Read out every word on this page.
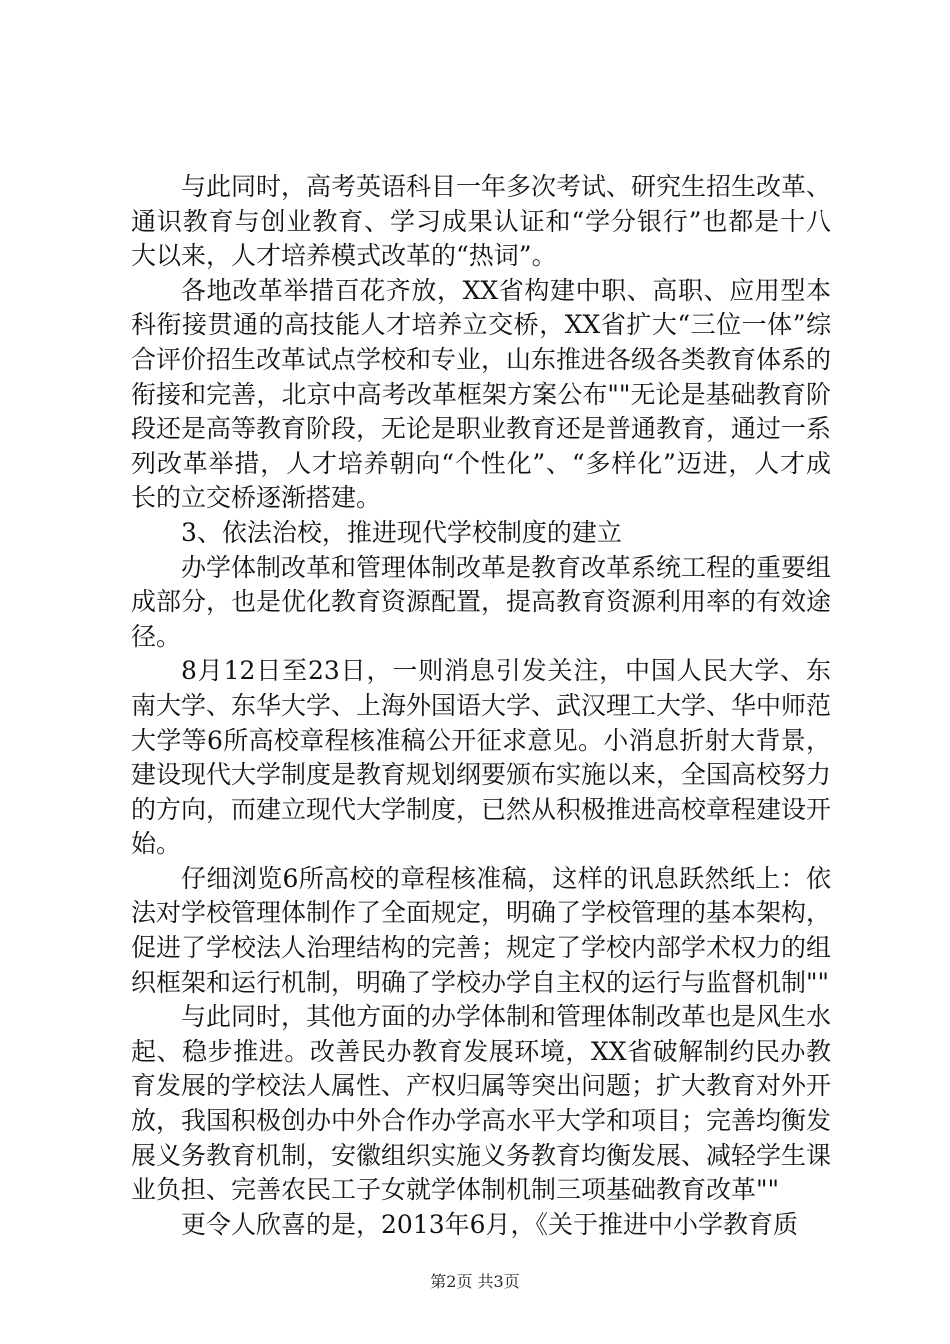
与此同时，高考英语科目一年多次考试、研究生招生改革、通识教育与创业教育、学习成果认证和“学分银行”也都是十八大以来，人才培养模式改革的“热词”。

各地改革举措百花齐放，XX省构建中职、高职、应用型本科衔接贯通的高技能人才培养立交桥，XX省扩大“三位一体”综合评价招生改革试点学校和专业，山东推进各级各类教育体系的衔接和完善，北京中高考改革框架方案公布""无论是基础教育阶段还是高等教育阶段，无论是职业教育还是普通教育，通过一系列改革举措，人才培养朝向“个性化”、“多样化”迈进，人才成长的立交桥逐渐搭建。

3、依法治校，推进现代学校制度的建立

办学体制改革和管理体制改革是教育改革系统工程的重要组成部分，也是优化教育资源配置，提高教育资源利用率的有效途径。

8月12日至23日，一则消息引发关注，中国人民大学、东南大学、东华大学、上海外国语大学、武汉理工大学、华中师范大学等6所高校章程核准稿公开征求意见。小消息折射大背景，建设现代大学制度是教育规划纲要颁布实施以来，全国高校努力的方向，而建立现代大学制度，已然从积极推进高校章程建设开始。

仔细浏览6所高校的章程核准稿，这样的讯息跃然纸上：依法对学校管理体制作了全面规定，明确了学校管理的基本架构，促进了学校法人治理结构的完善；规定了学校内部学术权力的组织框架和运行机制，明确了学校办学自主权的运行与监督机制""

与此同时，其他方面的办学体制和管理体制改革也是风生水起、稳步推进。改善民办教育发展环境，XX省破解制约民办教育发展的学校法人属性、产权归属等突出问题；扩大教育对外开放，我国积极创办中外合作办学高水平大学和项目；完善均衡发展义务教育机制，安徽组织实施义务教育均衡发展、减轻学生课业负担、完善农民工子女就学体制机制三项基础教育改革""

更令人欣喜的是，2013年6月，《关于推进中小学教育质

第2页 共3页
